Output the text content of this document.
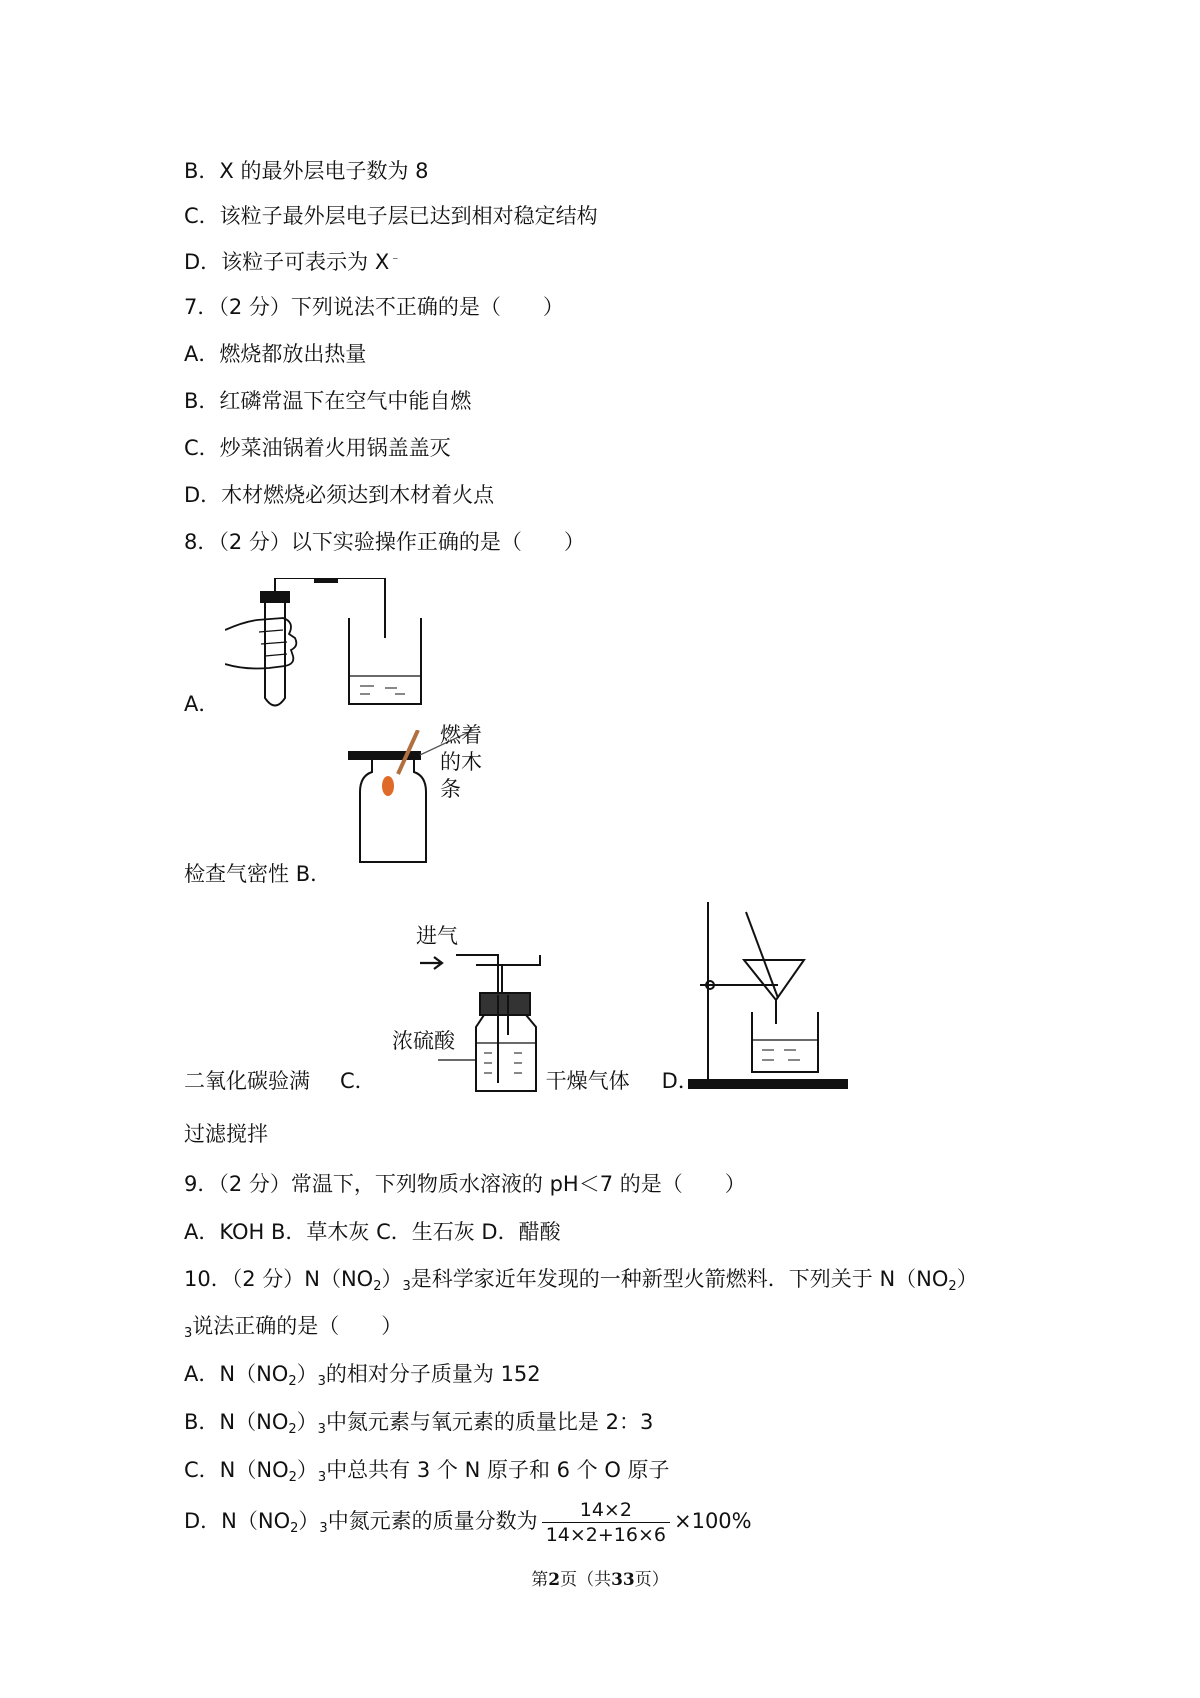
B．X 的最外层电子数为 8
C．该粒子最外层电子层已达到相对稳定结构
D．该粒子可表示为 X﹣
7．（2 分）下列说法不正确的是（　　）
A．燃烧都放出热量
B．红磷常温下在空气中能自燃
C．炒菜油锅着火用锅盖盖灭
D．木材燃烧必须达到木材着火点
8．（2 分）以下实验操作正确的是（　　）
A．
燃着
的木
条
检查气密性 B．
进气
浓硫酸
二氧化碳验满 C．	干燥气体 D．
过滤搅拌
9．（2 分）常温下，下列物质水溶液的 pH＜7 的是（　　）
A．KOH B．草木灰 C．生石灰 D．醋酸
10．（2 分）$N(NO_2)_3$是科学家近年发现的一种新型火箭燃料．下列关于 $N(NO_2)$
$_3$说法正确的是（　　）
A．$N(NO_2)_3$的相对分子质量为 152
B．$N(NO_2)_3$中氮元素与氧元素的质量比是 2：3
C．$N(NO_2)_3$中总共有 3 个 N 原子和 6 个 O 原子
D．$N(NO_2)_3$中氮元素的质量分数为 $\frac{14\times 2}{14\times 2+16\times 6} \times 100\%$
第2页（共33页）
